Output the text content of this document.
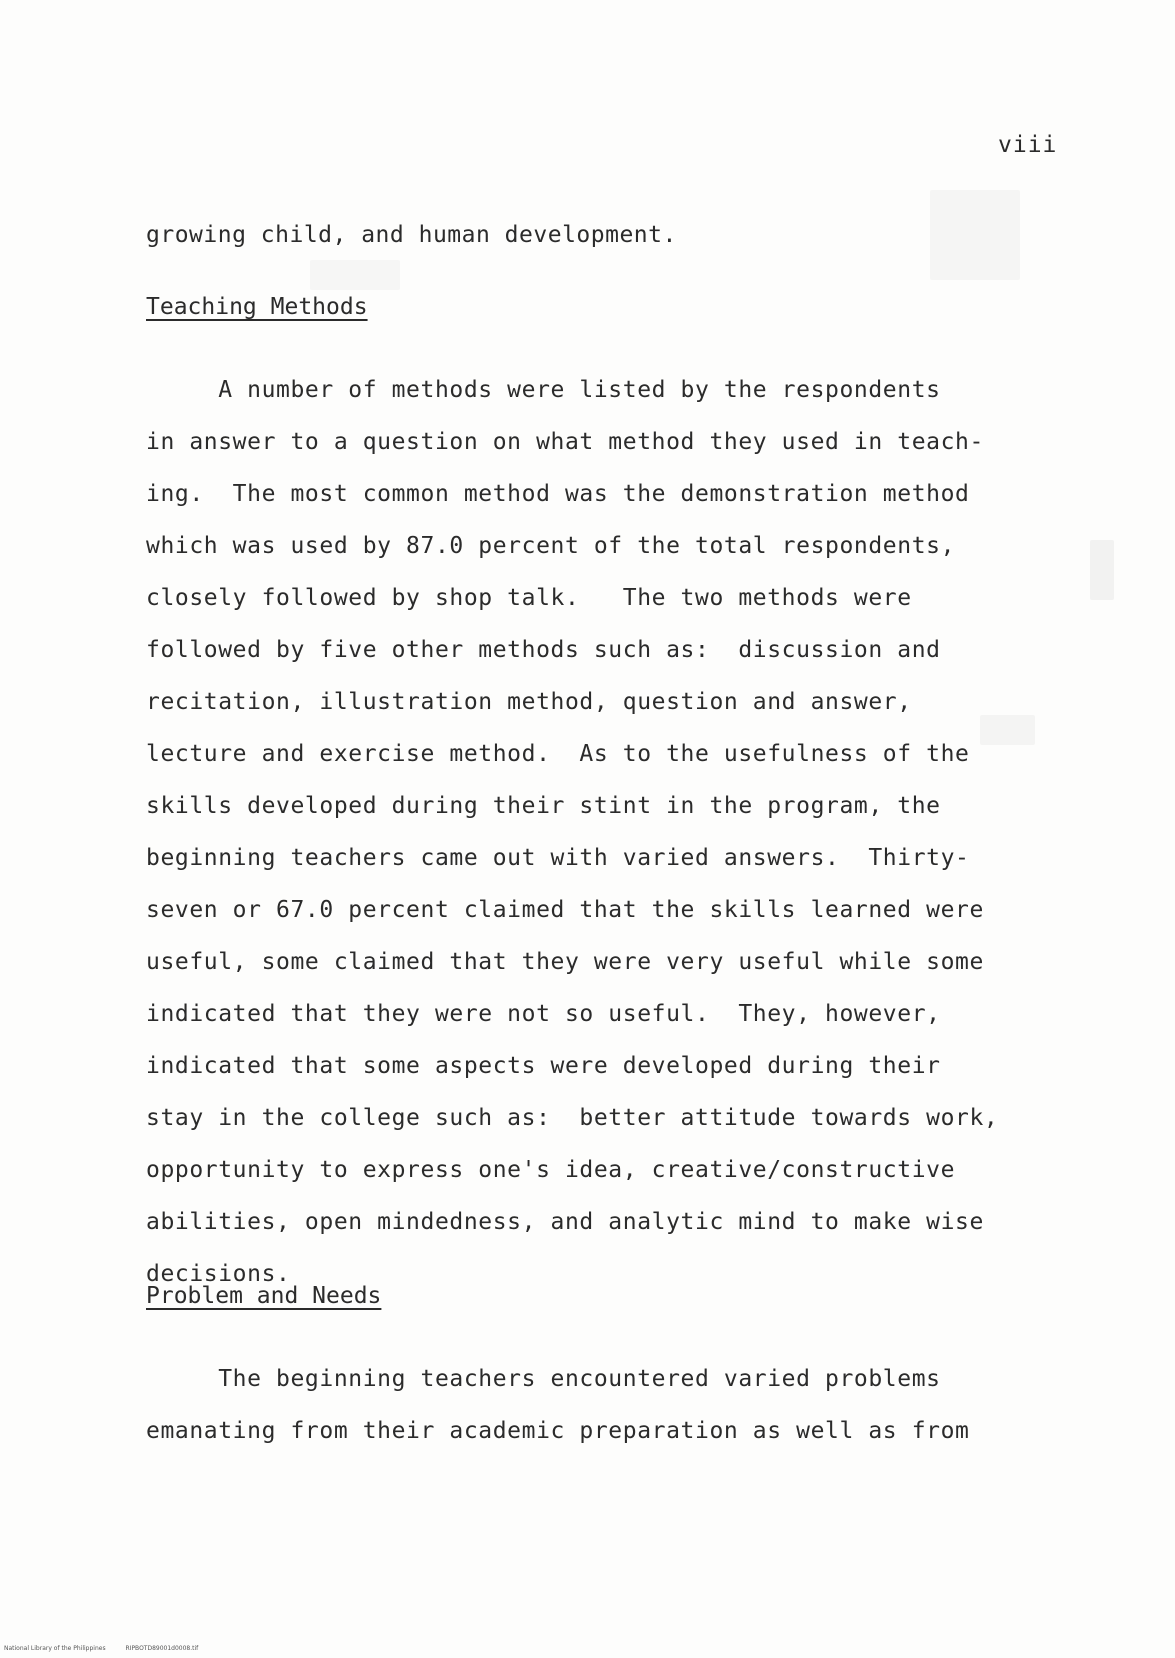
viii
growing child, and human development.
Teaching Methods
A number of methods were listed by the respondents
in answer to a question on what method they used in teach-
ing.  The most common method was the demonstration method
which was used by 87.0 percent of the total respondents,
closely followed by shop talk.   The two methods were
followed by five other methods such as:  discussion and
recitation, illustration method, question and answer,
lecture and exercise method.  As to the usefulness of the
skills developed during their stint in the program, the
beginning teachers came out with varied answers.  Thirty-
seven or 67.0 percent claimed that the skills learned were
useful, some claimed that they were very useful while some
indicated that they were not so useful.  They, however,
indicated that some aspects were developed during their
stay in the college such as:  better attitude towards work,
opportunity to express one's idea, creative/constructive
abilities, open mindedness, and analytic mind to make wise
decisions.
Problem and Needs
The beginning teachers encountered varied problems
emanating from their academic preparation as well as from
National Library of the Philippines	RIPBOTD89001d0008.tif
